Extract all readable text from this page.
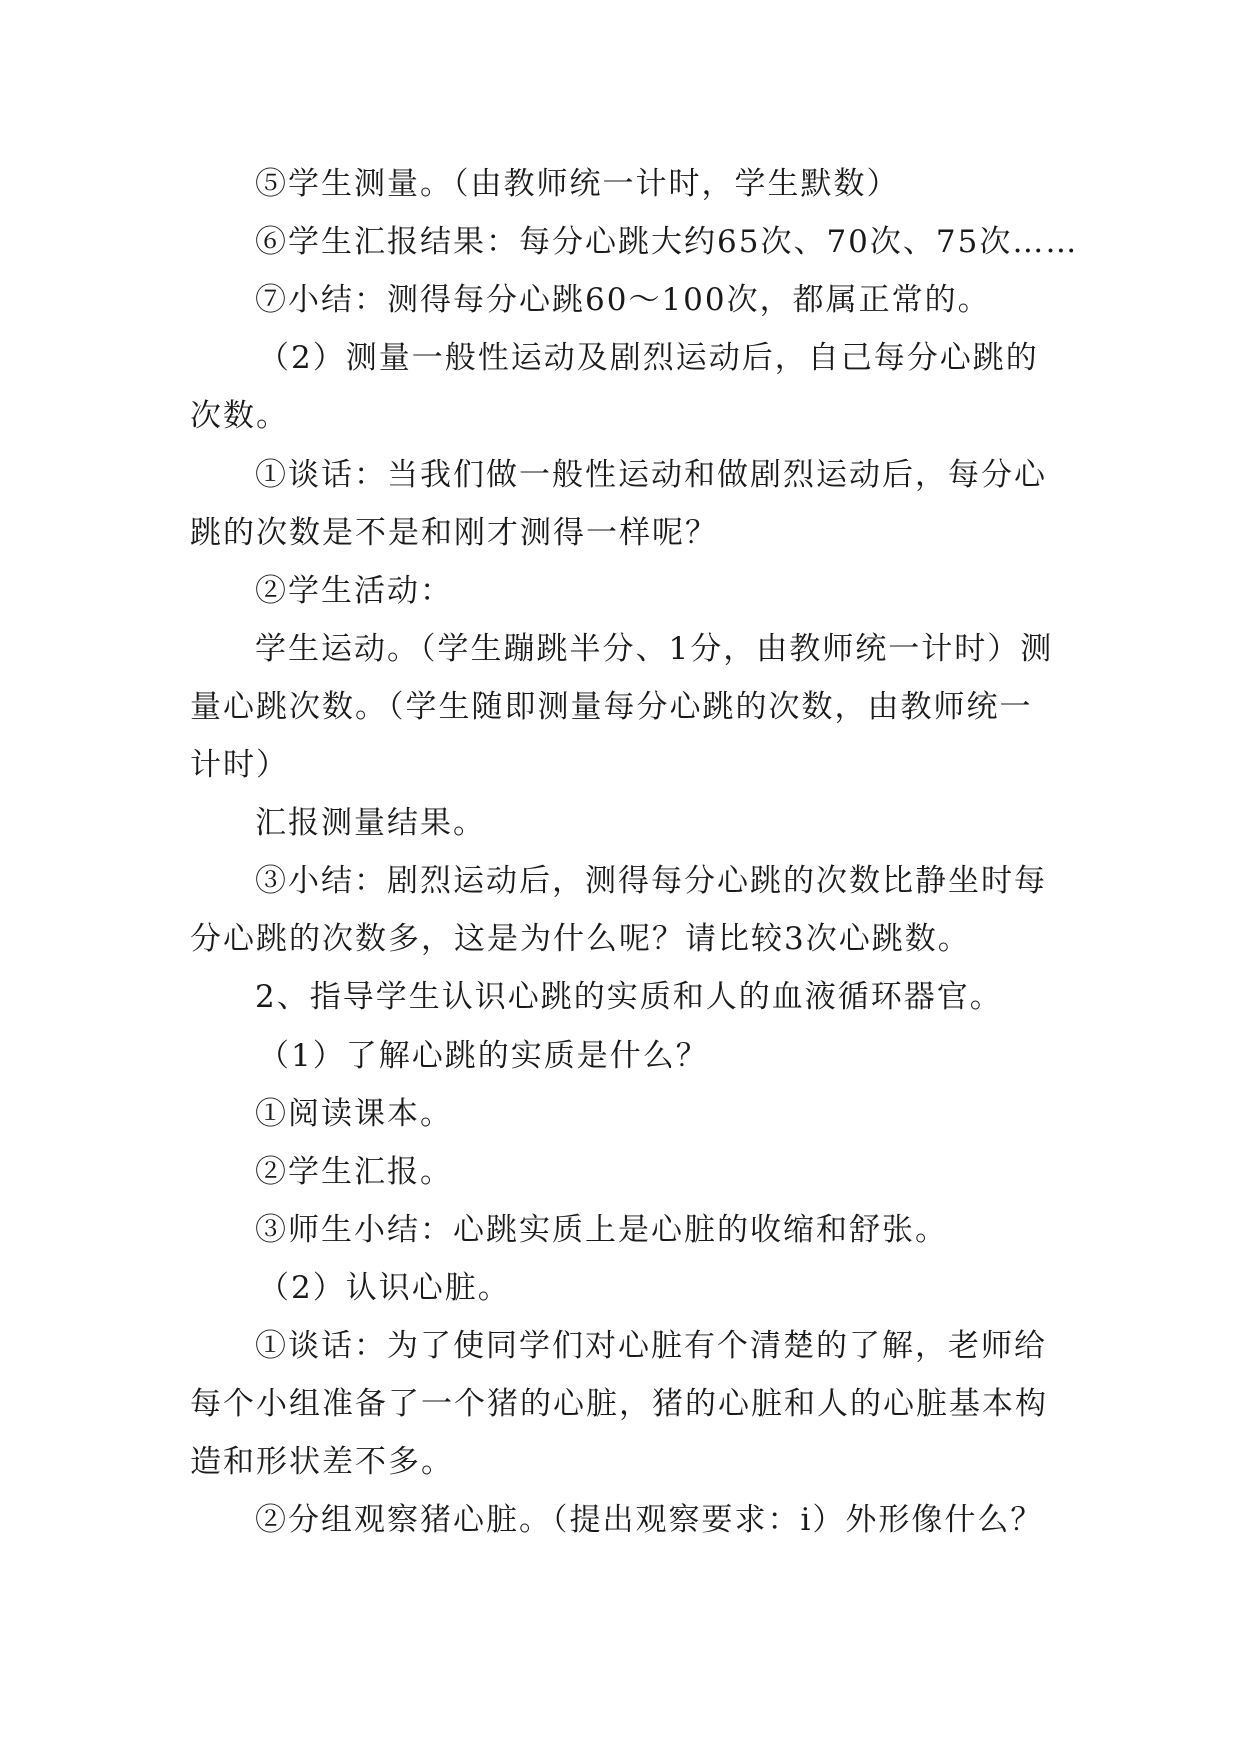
⑤学生测量。（由教师统一计时，学生默数）
⑥学生汇报结果：每分心跳大约65次、70次、75次……
⑦小结：测得每分心跳60～100次，都属正常的。
（2）测量一般性运动及剧烈运动后，自己每分心跳的
次数。
①谈话：当我们做一般性运动和做剧烈运动后，每分心
跳的次数是不是和刚才测得一样呢？
②学生活动：
学生运动。（学生蹦跳半分、1分，由教师统一计时）测
量心跳次数。（学生随即测量每分心跳的次数，由教师统一
计时）
汇报测量结果。
③小结：剧烈运动后，测得每分心跳的次数比静坐时每
分心跳的次数多，这是为什么呢？请比较3次心跳数。
2、指导学生认识心跳的实质和人的血液循环器官。
（1）了解心跳的实质是什么？
①阅读课本。
②学生汇报。
③师生小结：心跳实质上是心脏的收缩和舒张。
（2）认识心脏。
①谈话：为了使同学们对心脏有个清楚的了解，老师给
每个小组准备了一个猪的心脏，猪的心脏和人的心脏基本构
造和形状差不多。
②分组观察猪心脏。（提出观察要求：i）外形像什么？
